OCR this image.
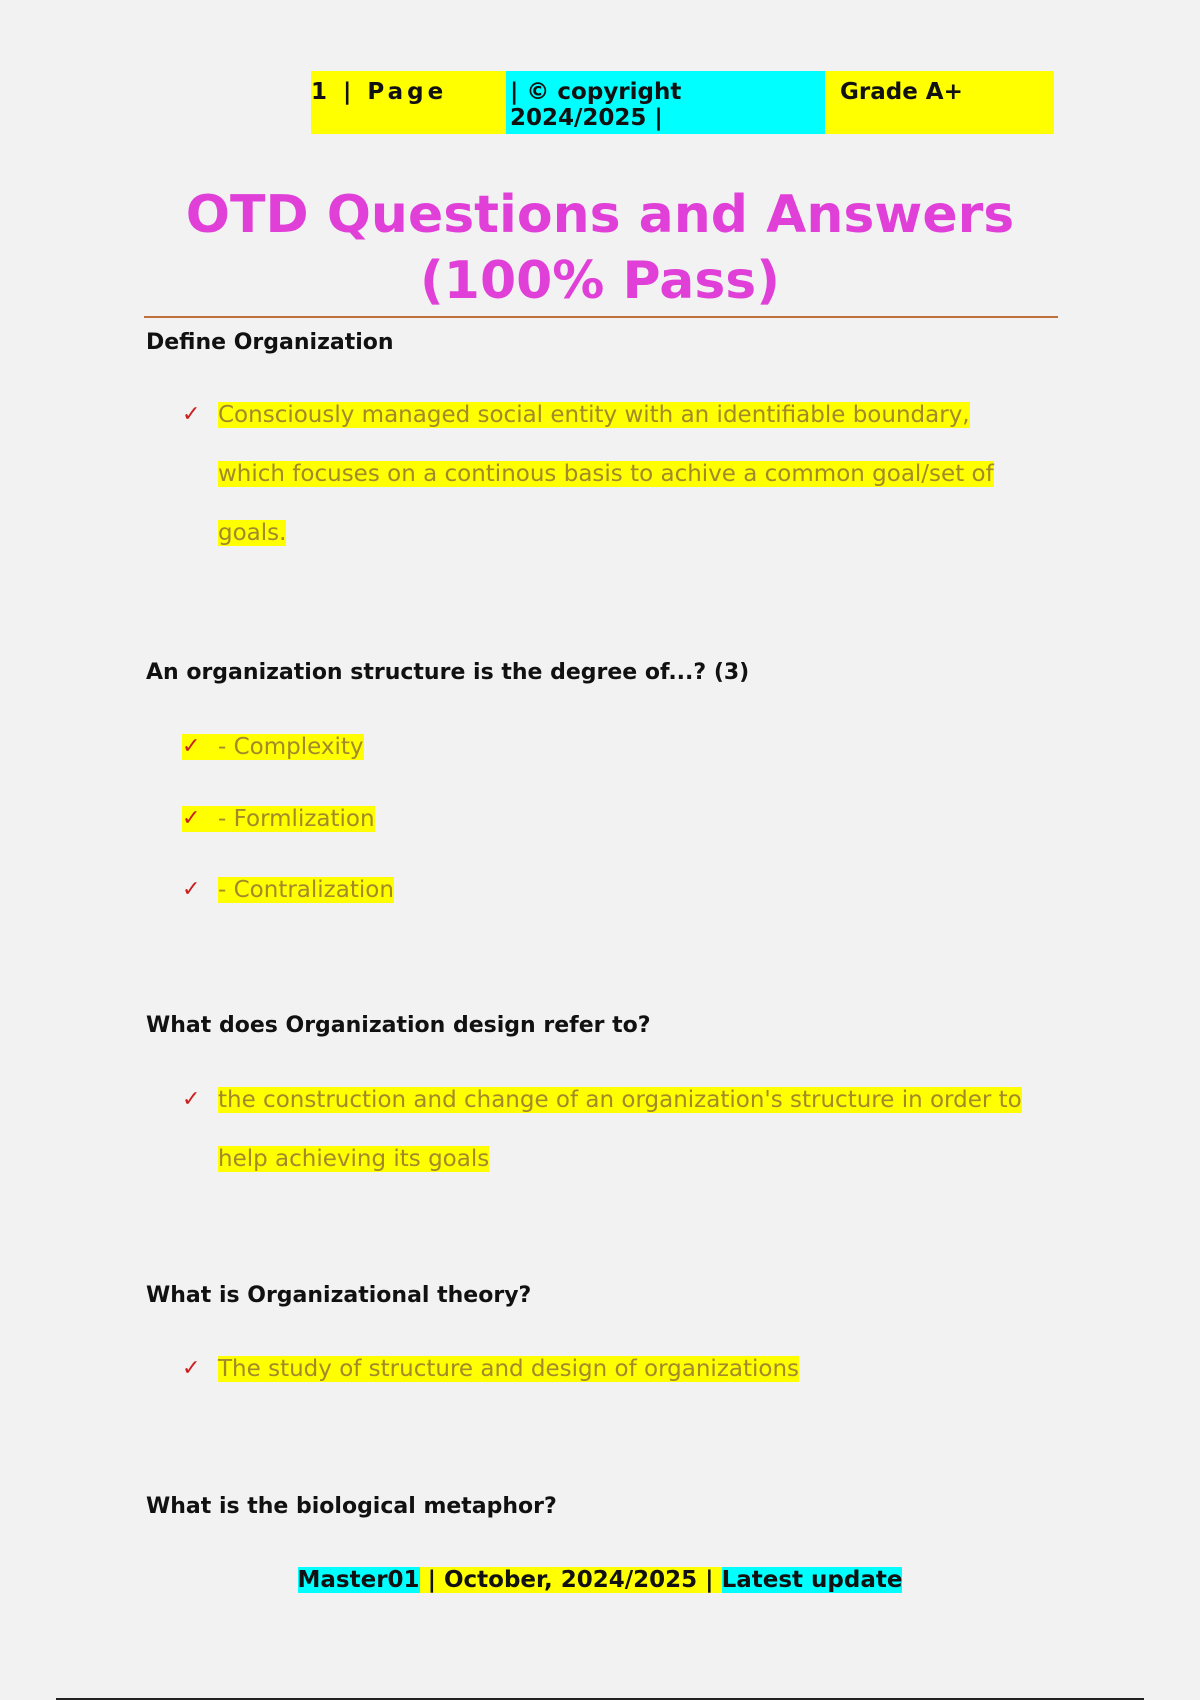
1 | Page	| © copyright 2024/2025 |
Grade A+
OTD Questions and Answers (100% Pass)
Define Organization
✓ Consciously managed social entity with an identifiable boundary,
which focuses on a continous basis to achive a common goal/set of
goals.
An organization structure is the degree of...? (3)
✓ - Complexity
✓ - Formlization
✓ - Contralization
What does Organization design refer to?
✓ the construction and change of an organization's structure in order to
help achieving its goals
What is Organizational theory?
✓ The study of structure and design of organizations
What is the biological metaphor?
Master01 | October, 2024/2025 | Latest update
